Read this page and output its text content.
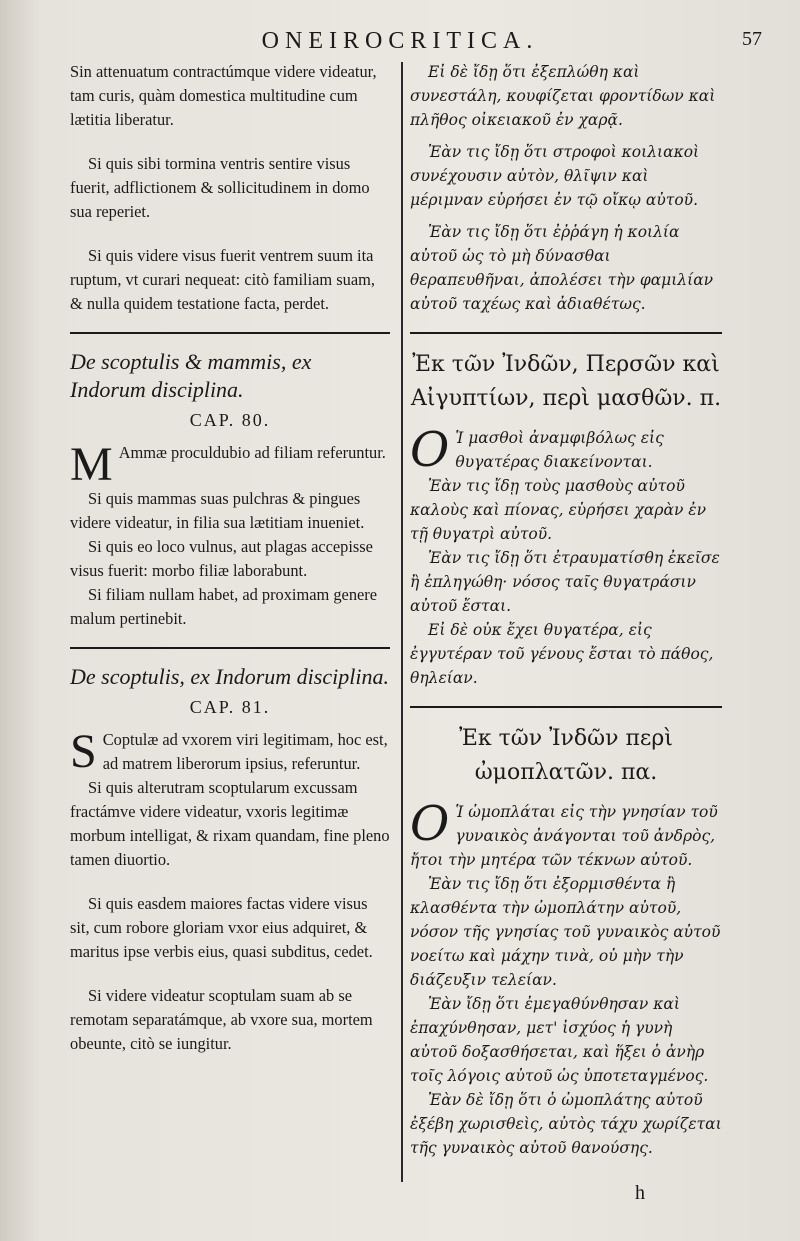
ONEIROCRITICA.	57

Sin attenuatum contractúmque videre videatur, tam curis, quàm domestica multitudine cum lætitia liberatur.

Si quis sibi tormina ventris sentire visus fuerit, adflictionem & sollicitudinem in domo sua reperiet.

Si quis videre visus fuerit ventrem suum ita ruptum, vt curari nequeat: citò familiam suam, & nulla quidem testatione facta, perdet.

De scoptulis & mammis, ex Indorum disciplina.

CAP. 80.

M Ammæ proculdubio ad filiam referuntur.

Si quis mammas suas pulchras & pingues videre videatur, in filia sua lætitiam inueniet.

Si quis eo loco vulnus, aut plagas accepisse visus fuerit: morbo filiæ laborabunt.

Si filiam nullam habet, ad proximam genere malum pertinebit.

De scoptulis, ex Indorum disciplina.

CAP. 81.

S Coptulæ ad vxorem viri legitimam, hoc est, ad matrem liberorum ipsius, referuntur.

Si quis alterutram scoptularum excussam fractámve videre videatur, vxoris legitimæ morbum intelligat, & rixam quandam, fine pleno tamen diuortio.

Si quis easdem maiores factas videre visus sit, cum robore gloriam vxor eius adquiret, & maritus ipse verbis eius, quasi subditus, cedet.

Si videre videatur scoptulam suam ab se remotam separatámque, ab vxore sua, mortem obeunte, citò se iungitur.

Εἰ δὲ ἴδῃ ὅτι ἐξεπλώθη καὶ συνεστάλη, κουφίζεται φροντίδων καὶ πλῆθος οἰκειακοῦ ἐν χαρᾷ.

Ἐὰν τις ἴδῃ ὅτι στροφοὶ κοιλιακοὶ συνέχουσιν αὐτὸν, θλῖψιν καὶ μέριμναν εὑρήσει ἐν τῷ οἴκῳ αὐτοῦ.

Ἐὰν τις ἴδῃ ὅτι ἐῤῥάγη ἡ κοιλία αὐτοῦ ὡς τὸ μὴ δύνασθαι θεραπευθῆναι, ἀπολέσει τὴν φαμιλίαν αὐτοῦ ταχέως καὶ ἀδιαθέτως.

Ἐκ τῶν Ἰνδῶν, Περσῶν καὶ Αἰγυπτίων, περὶ μασθῶν. π.

Ο Ἱ μασθοὶ ἀναμφιβόλως εἰς θυγατέρας διακείνονται.

Ἐὰν τις ἴδῃ τοὺς μασθοὺς αὐτοῦ καλοὺς καὶ πίονας, εὑρήσει χαρὰν ἐν τῇ θυγατρὶ αὐτοῦ.

Ἐὰν τις ἴδῃ ὅτι ἐτραυματίσθη ἐκεῖσε ἢ ἐπληγώθη· νόσος ταῖς θυγατράσιν αὐτοῦ ἔσται.

Εἰ δὲ οὐκ ἔχει θυγατέρα, εἰς ἐγγυτέραν τοῦ γένους ἔσται τὸ πάθος, θηλείαν.

Ἐκ τῶν Ἰνδῶν περὶ ὠμοπλατῶν. πα.

Ο Ἱ ὠμοπλάται εἰς τὴν γνησίαν τοῦ γυναικὸς ἀνάγονται τοῦ ἀνδρὸς, ἤτοι τὴν μητέρα τῶν τέκνων αὐτοῦ.

Ἐὰν τις ἴδῃ ὅτι ἐξορμισθέντα ἢ κλασθέντα τὴν ὠμοπλάτην αὐτοῦ, νόσον τῆς γνησίας τοῦ γυναικὸς αὐτοῦ νοείτω καὶ μάχην τινὰ, οὐ μὴν τὴν διάζευξιν τελείαν.

Ἐὰν ἴδῃ ὅτι ἐμεγαθύνθησαν καὶ ἐπαχύνθησαν, μετ' ἰσχύος ἡ γυνὴ αὐτοῦ δοξασθήσεται, καὶ ἥξει ὁ ἀνὴρ τοῖς λόγοις αὐτοῦ ὡς ὑποτεταγμένος.

Ἐὰν δὲ ἴδῃ ὅτι ὁ ὠμοπλάτης αὐτοῦ ἐξέβη χωρισθεὶς, αὐτὸς τάχυ χωρίζεται τῆς γυναικὸς αὐτοῦ θανούσης.

h
